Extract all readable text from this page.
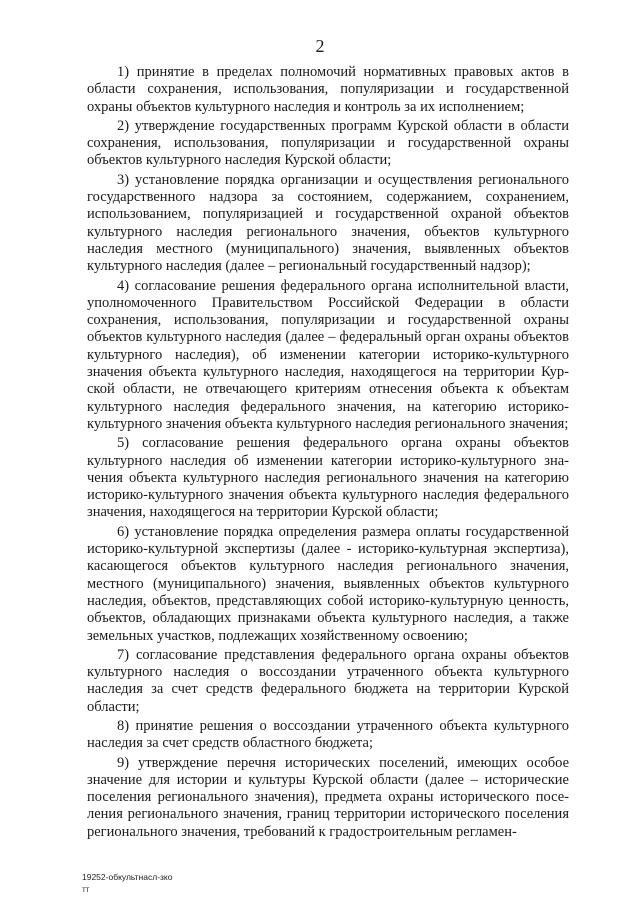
2

1) принятие в пределах полномочий нормативных правовых актов в области сохранения, использования, популяризации и государственной охраны объектов культурного наследия и контроль за их исполнением;

2) утверждение государственных программ Курской области в области сохранения, использования, популяризации и государственной охраны объектов культурного наследия Курской области;

3) установление порядка организации и осуществления регионального государственного надзора за состоянием, содержанием, сохранением, использованием, популяризацией и государственной охраной объектов культурного наследия регионального значения, объектов культурного наследия местного (муниципального) значения, выявленных объектов культурного наследия (далее – региональный государственный надзор);

4) согласование решения федерального органа исполнительной власти, уполномоченного Правительством Российской Федерации в области сохранения, использования, популяризации и государственной охраны объектов культурного наследия (далее – федеральный орган охраны объектов культурного наследия), об изменении категории историко-культурного значения объекта культурного наследия, находящегося на территории Курской области, не отвечающего критериям отнесения объекта к объектам культурного наследия федерального значения, на категорию историко-культурного значения объекта культурного наследия регионального значения;

5) согласование решения федерального органа охраны объектов культурного наследия об изменении категории историко-культурного значения объекта культурного наследия регионального значения на категорию историко-культурного значения объекта культурного наследия федерального значения, находящегося на территории Курской области;

6) установление порядка определения размера оплаты государственной историко-культурной экспертизы (далее - историко-культурная экспертиза), касающегося объектов культурного наследия регионального значения, местного (муниципального) значения, выявленных объектов культурного наследия, объектов, представляющих собой историко-культурную ценность, объектов, обладающих признаками объекта культурного наследия, а также земельных участков, подлежащих хозяйственному освоению;

7) согласование представления федерального органа охраны объектов культурного наследия о воссоздании утраченного объекта культурного наследия за счет средств федерального бюджета на территории Курской области;

8) принятие решения о воссоздании утраченного объекта культурного наследия за счет средств областного бюджета;

9) утверждение перечня исторических поселений, имеющих особое значение для истории и культуры Курской области (далее – исторические поселения регионального значения), предмета охраны исторического поселения регионального значения, границ территории исторического поселения регионального значения, требований к градостроительным регламен-

19252-обкультнасл-зко
тт
